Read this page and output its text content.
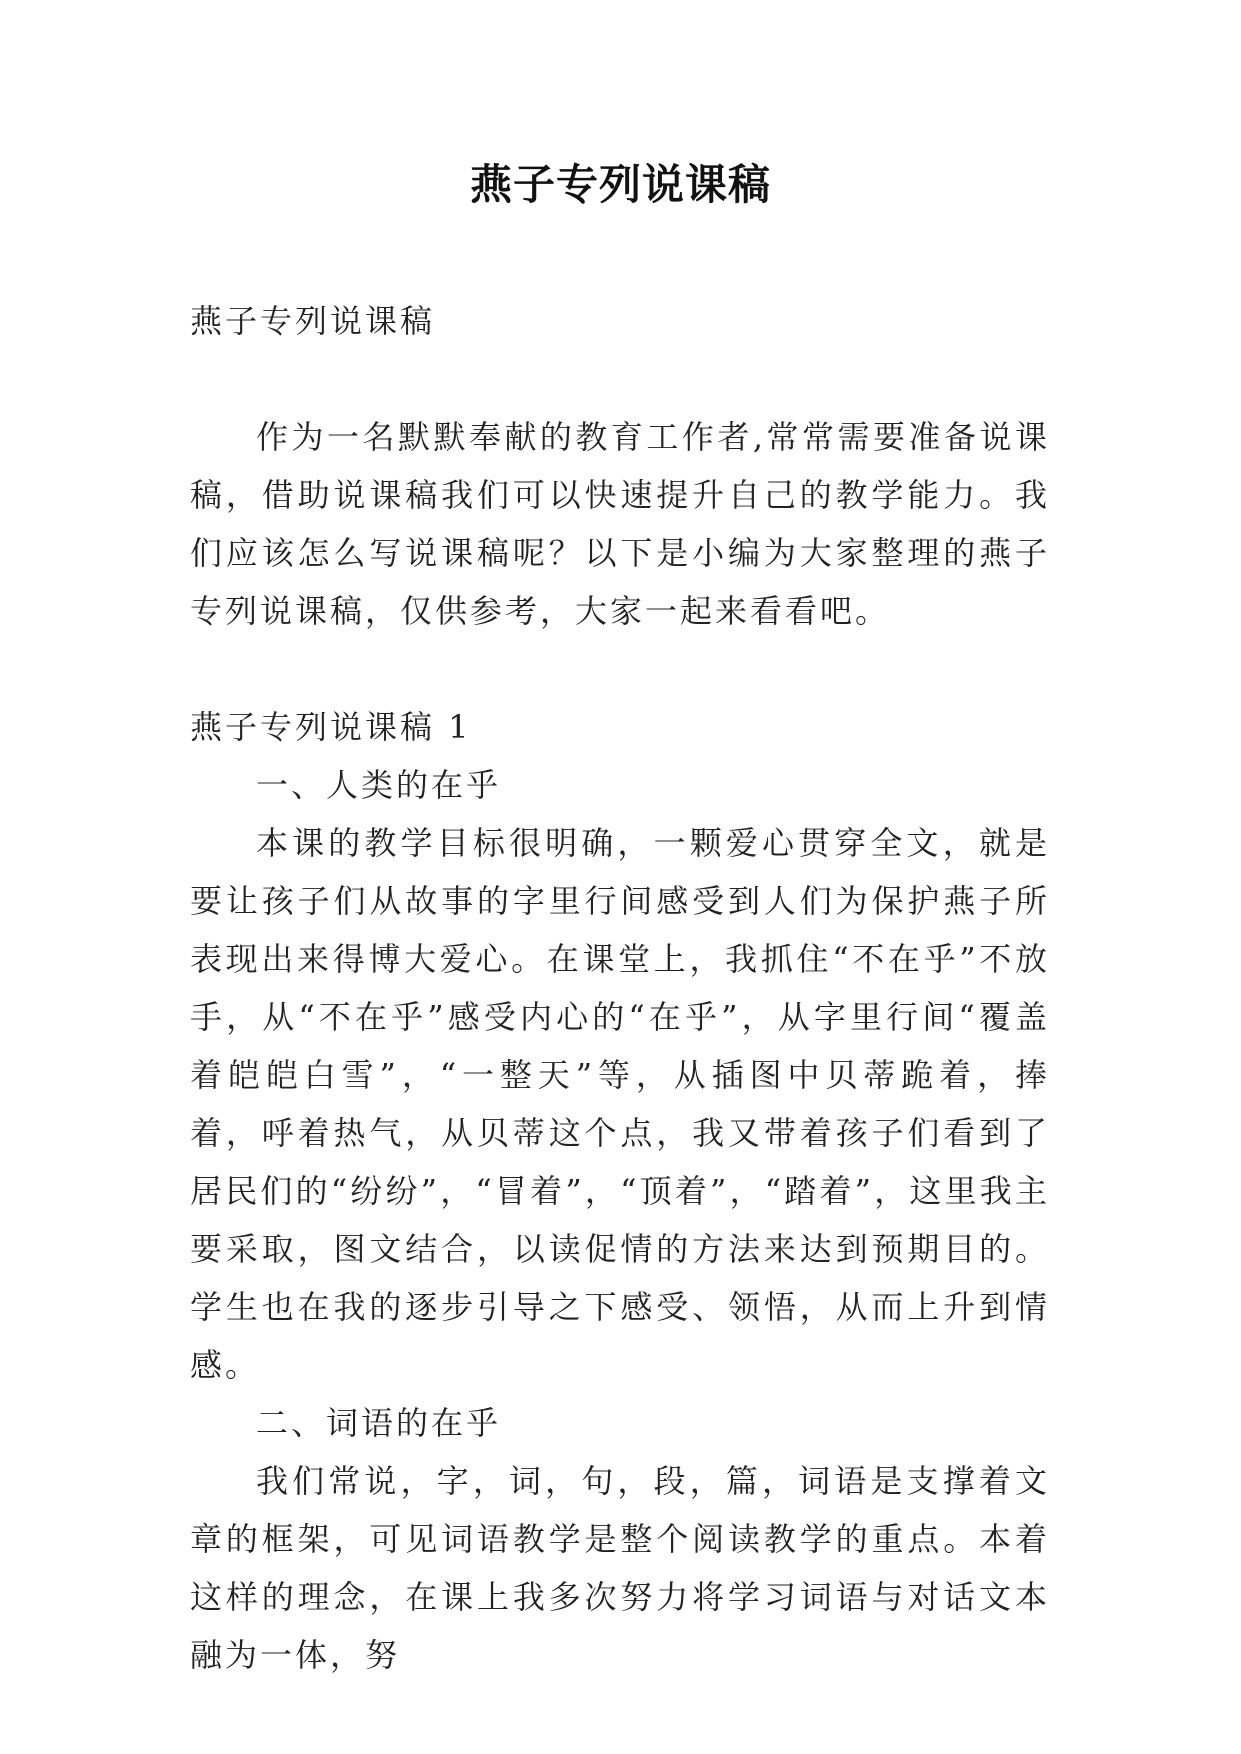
燕子专列说课稿

燕子专列说课稿

作为一名默默奉献的教育工作者,常常需要准备说课稿，借助说课稿我们可以快速提升自己的教学能力。我们应该怎么写说课稿呢？以下是小编为大家整理的燕子专列说课稿，仅供参考，大家一起来看看吧。

燕子专列说课稿 1

一、人类的在乎

本课的教学目标很明确，一颗爱心贯穿全文，就是要让孩子们从故事的字里行间感受到人们为保护燕子所表现出来得博大爱心。在课堂上，我抓住“不在乎”不放手，从“不在乎”感受内心的“在乎”，从字里行间“覆盖着皑皑白雪”，“一整天”等，从插图中贝蒂跪着，捧着，呼着热气，从贝蒂这个点，我又带着孩子们看到了居民们的“纷纷”，“冒着”，“顶着”，“踏着”，这里我主要采取，图文结合，以读促情的方法来达到预期目的。学生也在我的逐步引导之下感受、领悟，从而上升到情感。

二、词语的在乎

我们常说，字，词，句，段，篇，词语是支撑着文章的框架，可见词语教学是整个阅读教学的重点。本着这样的理念，在课上我多次努力将学习词语与对话文本融为一体，努
